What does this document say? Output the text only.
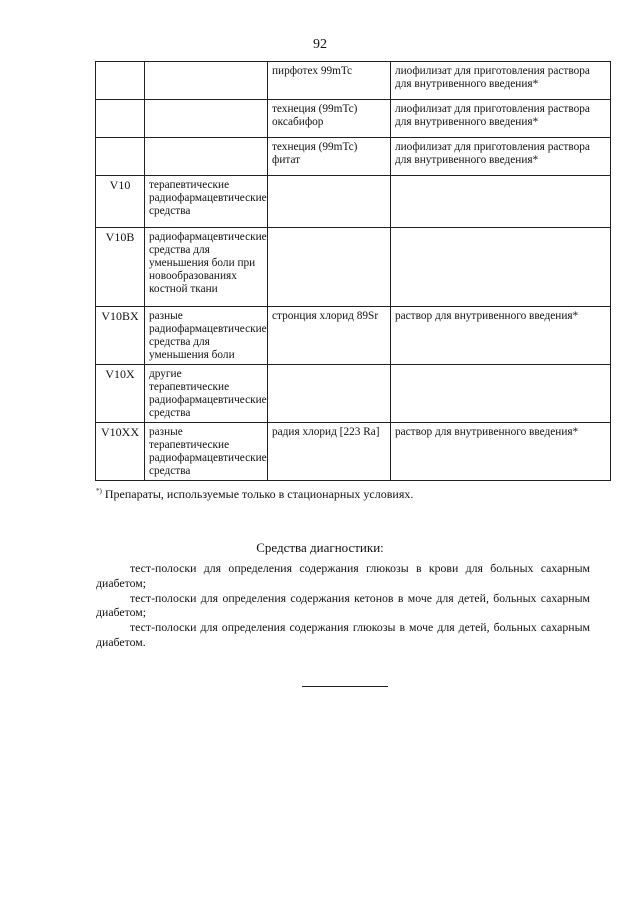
92
		пирфотех 99mTc	лиофилизат для приготовления раствора для внутривенного введения*
		технеция (99mTc) оксабифор	лиофилизат для приготовления раствора для внутривенного введения*
		технеция (99mTc) фитат	лиофилизат для приготовления раствора для внутривенного введения*
V10	терапевтические радиофармацевтические средства		
V10B	радиофармацевтические средства для уменьшения боли при новообразованиях костной ткани		
V10BX	разные радиофармацевтические средства для уменьшения боли	стронция хлорид 89Sr	раствор для внутривенного введения*
V10X	другие терапевтические радиофармацевтические средства		
V10XX	разные терапевтические радиофармацевтические средства	радия хлорид [223 Ra]	раствор для внутривенного введения*
*) Препараты, используемые только в стационарных условиях.
Средства диагностики:

тест-полоски для определения содержания глюкозы в крови для больных сахарным диабетом;

тест-полоски для определения содержания кетонов в моче для детей, больных сахарным диабетом;

тест-полоски для определения содержания глюкозы в моче для детей, больных сахарным диабетом.
